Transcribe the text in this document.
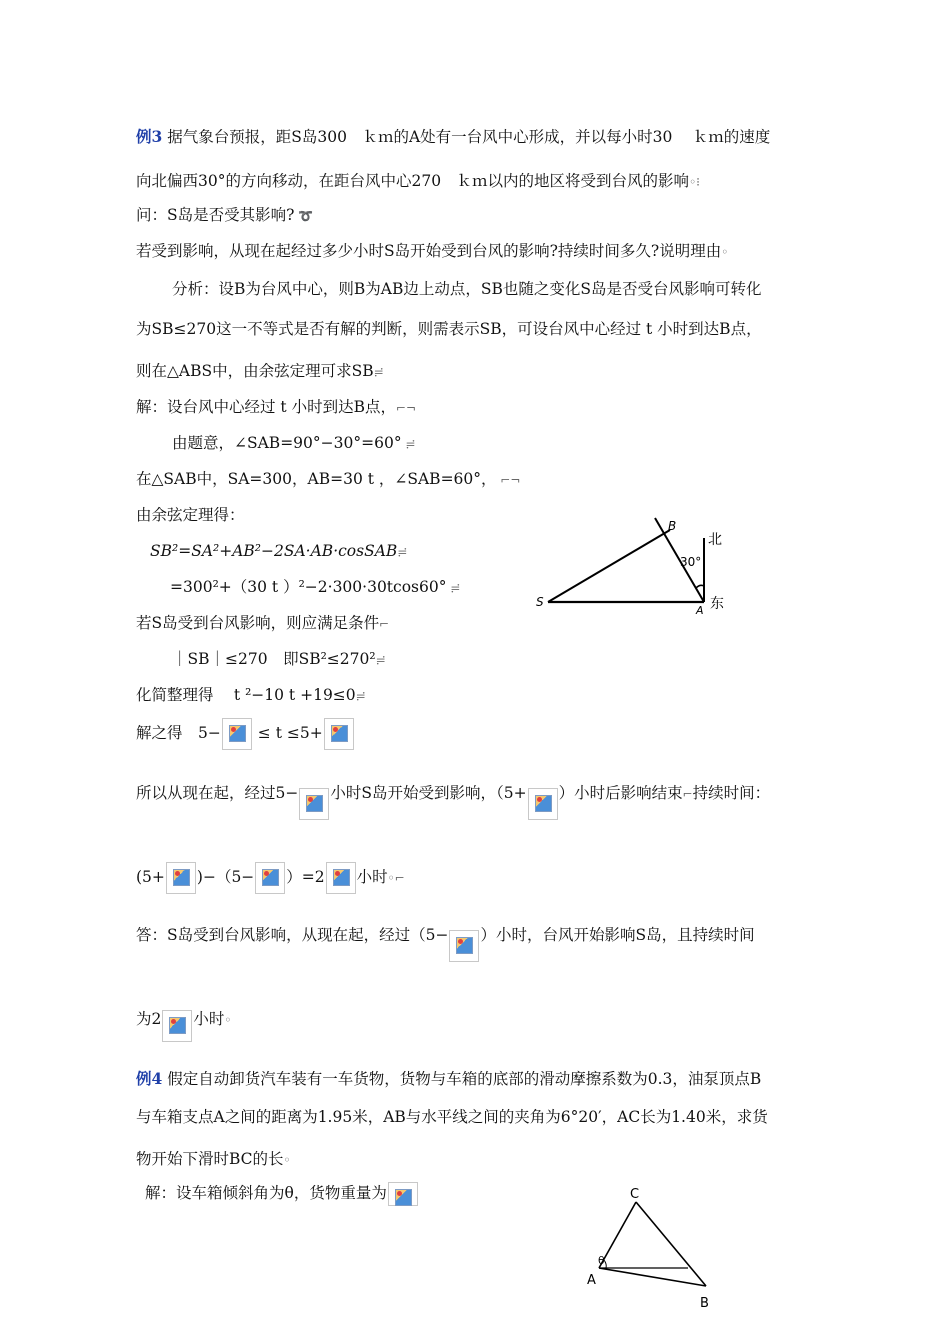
例3 据气象台预报，距S岛300　ｋｍ的A处有一台风中心形成，并以每小时30　 ｋｍ的速度
向北偏西30°的方向移动，在距台风中心270　ｋｍ以内的地区将受到台风的影响◦⁝
问：S岛是否受其影响? ➰
若受到影响，从现在起经过多少小时S岛开始受到台风的影响?持续时间多久?说明理由◦
分析：设B为台风中心，则B为AB边上动点，SB也随之变化S岛是否受台风影响可转化
为SB≤270这一不等式是否有解的判断，则需表示SB，可设台风中心经过 t 小时到达B点，
则在△ABS中，由余弦定理可求SB≓
解：设台风中心经过 t 小时到达B点，⌐¬
由题意，∠SAB=90°−30°=60° ≓
在△SAB中，SA=300，AB=30 t ，∠SAB=60°， ⌐¬
由余弦定理得：
SB²=SA²+AB²−2SA·AB·cosSAB≓
=300²+（30 t ）²−2·300·30tcos60° ≓
若S岛受到台风影响，则应满足条件⌐
｜SB｜≤270　即SB²≤270²≓
化简整理得　 t ²−10 t +19≤0≓
解之得　5− ≤ t ≤5+
所以从现在起，经过5− 小时S岛开始受到影响，（5+ ）小时后影响结束⌐持续时间：
(5+ )−（5− ）=2 小时◦⌐
答：S岛受到台风影响，从现在起，经过（5− ）小时，台风开始影响S岛，且持续时间
为2 小时◦
B
30°
北
S
A 东
例4 假定自动卸货汽车装有一车货物，货物与车箱的底部的滑动摩擦系数为0.3，油泵顶点B
与车箱支点A之间的距离为1.95米，AB与水平线之间的夹角为6°20′，AC长为1.40米，求货
物开始下滑时BC的长◦
解：设车箱倾斜角为θ，货物重量为	C
θ
A
B
